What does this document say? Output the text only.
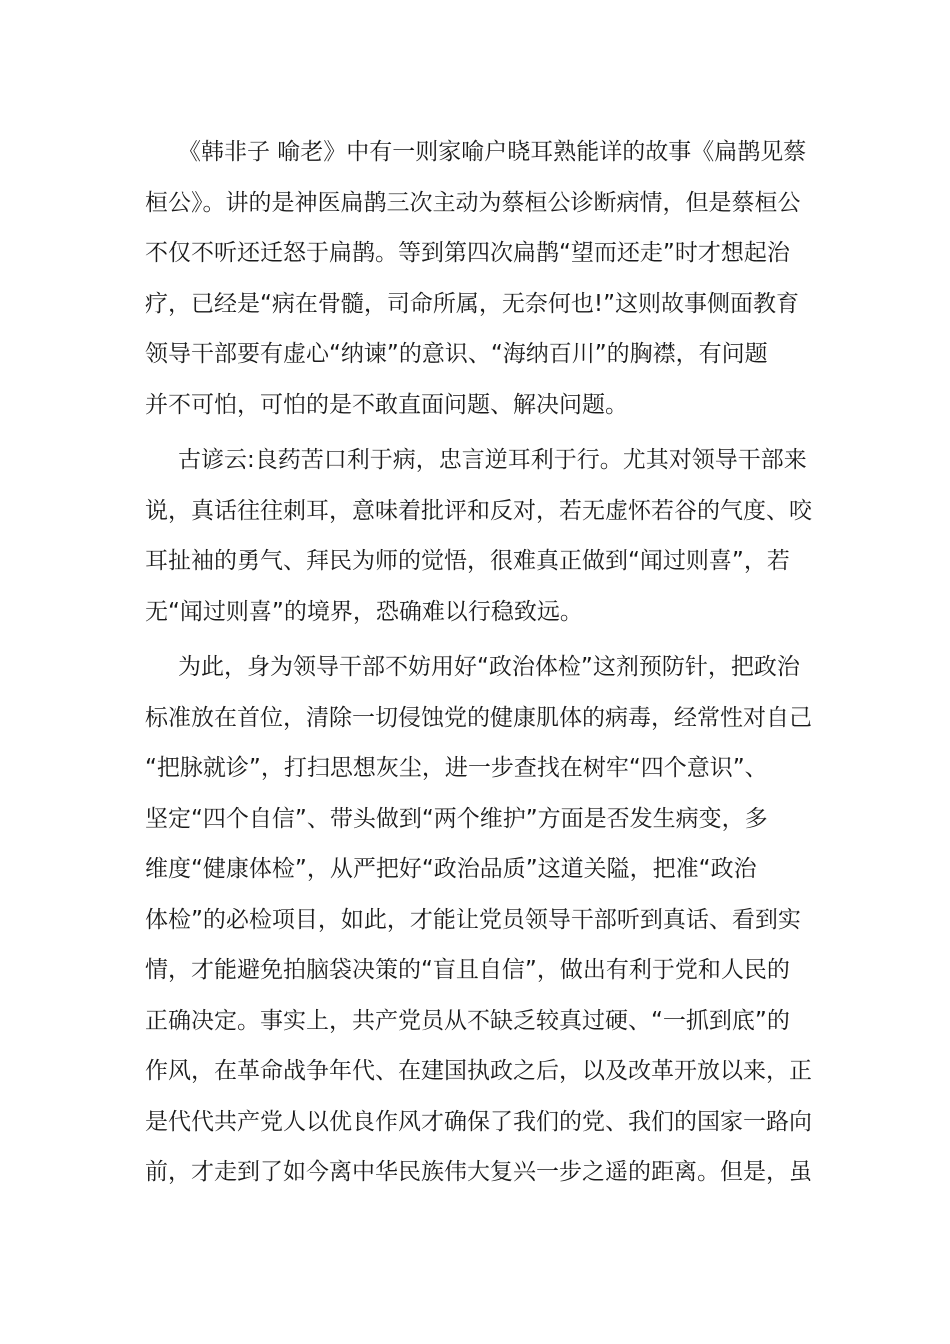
《韩非子 喻老》中有一则家喻户晓耳熟能详的故事《扁鹊见蔡
桓公》。讲的是神医扁鹊三次主动为蔡桓公诊断病情，但是蔡桓公
不仅不听还迁怒于扁鹊。等到第四次扁鹊“望而还走”时才想起治
疗，已经是“病在骨髓，司命所属，无奈何也!”这则故事侧面教育
领导干部要有虚心“纳谏”的意识、“海纳百川”的胸襟，有问题
并不可怕，可怕的是不敢直面问题、解决问题。
古谚云:良药苦口利于病，忠言逆耳利于行。尤其对领导干部来
说，真话往往刺耳，意味着批评和反对，若无虚怀若谷的气度、咬
耳扯袖的勇气、拜民为师的觉悟，很难真正做到“闻过则喜”，若
无“闻过则喜”的境界，恐确难以行稳致远。
为此，身为领导干部不妨用好“政治体检”这剂预防针，把政治
标准放在首位，清除一切侵蚀党的健康肌体的病毒，经常性对自己
“把脉就诊”，打扫思想灰尘，进一步查找在树牢“四个意识”、
坚定“四个自信”、带头做到“两个维护”方面是否发生病变，多
维度“健康体检”，从严把好“政治品质”这道关隘，把准“政治
体检”的必检项目，如此，才能让党员领导干部听到真话、看到实
情，才能避免拍脑袋决策的“盲且自信”，做出有利于党和人民的
正确决定。事实上，共产党员从不缺乏较真过硬、“一抓到底”的
作风，在革命战争年代、在建国执政之后，以及改革开放以来，正
是代代共产党人以优良作风才确保了我们的党、我们的国家一路向
前，才走到了如今离中华民族伟大复兴一步之遥的距离。但是，虽
